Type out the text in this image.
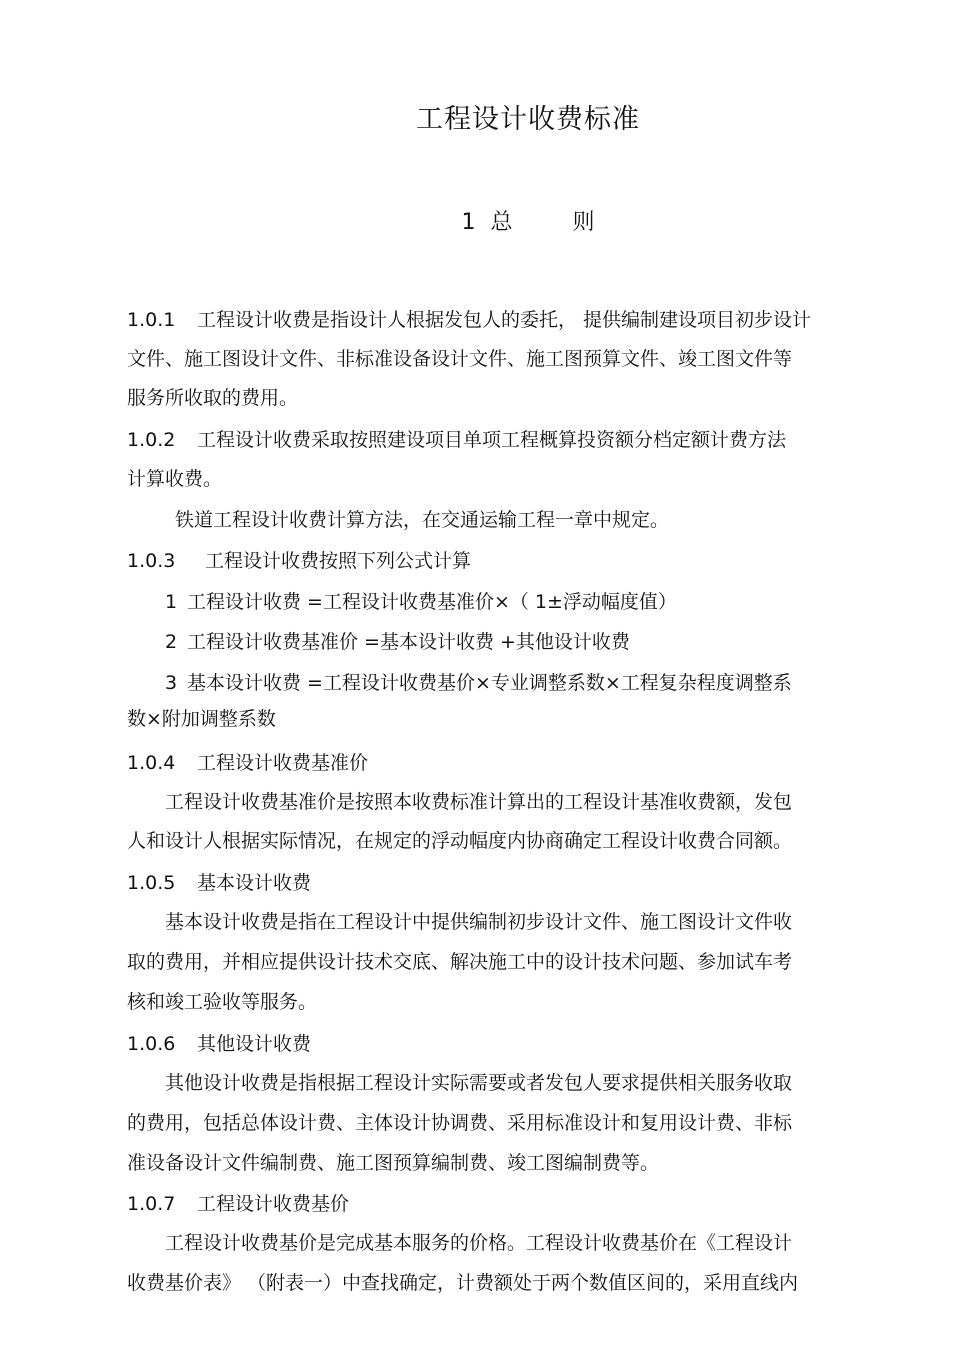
工程设计收费标准
1 总    则
1.0.1 工程设计收费是指设计人根据发包人的委托， 提供编制建设项目初步设计
文件、施工图设计文件、非标准设备设计文件、施工图预算文件、竣工图文件等
服务所收取的费用。
1.0.2 工程设计收费采取按照建设项目单项工程概算投资额分档定额计费方法
计算收费。
铁道工程设计收费计算方法，在交通运输工程一章中规定。
1.0.3 工程设计收费按照下列公式计算
1 工程设计收费 =工程设计收费基准价×（ 1±浮动幅度值）
2 工程设计收费基准价 =基本设计收费 +其他设计收费
3 基本设计收费 =工程设计收费基价×专业调整系数×工程复杂程度调整系
数×附加调整系数
1.0.4 工程设计收费基准价
工程设计收费基准价是按照本收费标准计算出的工程设计基准收费额，发包
人和设计人根据实际情况，在规定的浮动幅度内协商确定工程设计收费合同额。
1.0.5 基本设计收费
基本设计收费是指在工程设计中提供编制初步设计文件、施工图设计文件收
取的费用，并相应提供设计技术交底、解决施工中的设计技术问题、参加试车考
核和竣工验收等服务。
1.0.6 其他设计收费
其他设计收费是指根据工程设计实际需要或者发包人要求提供相关服务收取
的费用，包括总体设计费、主体设计协调费、采用标准设计和复用设计费、非标
准设备设计文件编制费、施工图预算编制费、竣工图编制费等。
1.0.7 工程设计收费基价
工程设计收费基价是完成基本服务的价格。工程设计收费基价在《工程设计
收费基价表》 （附表一）中查找确定，计费额处于两个数值区间的，采用直线内
